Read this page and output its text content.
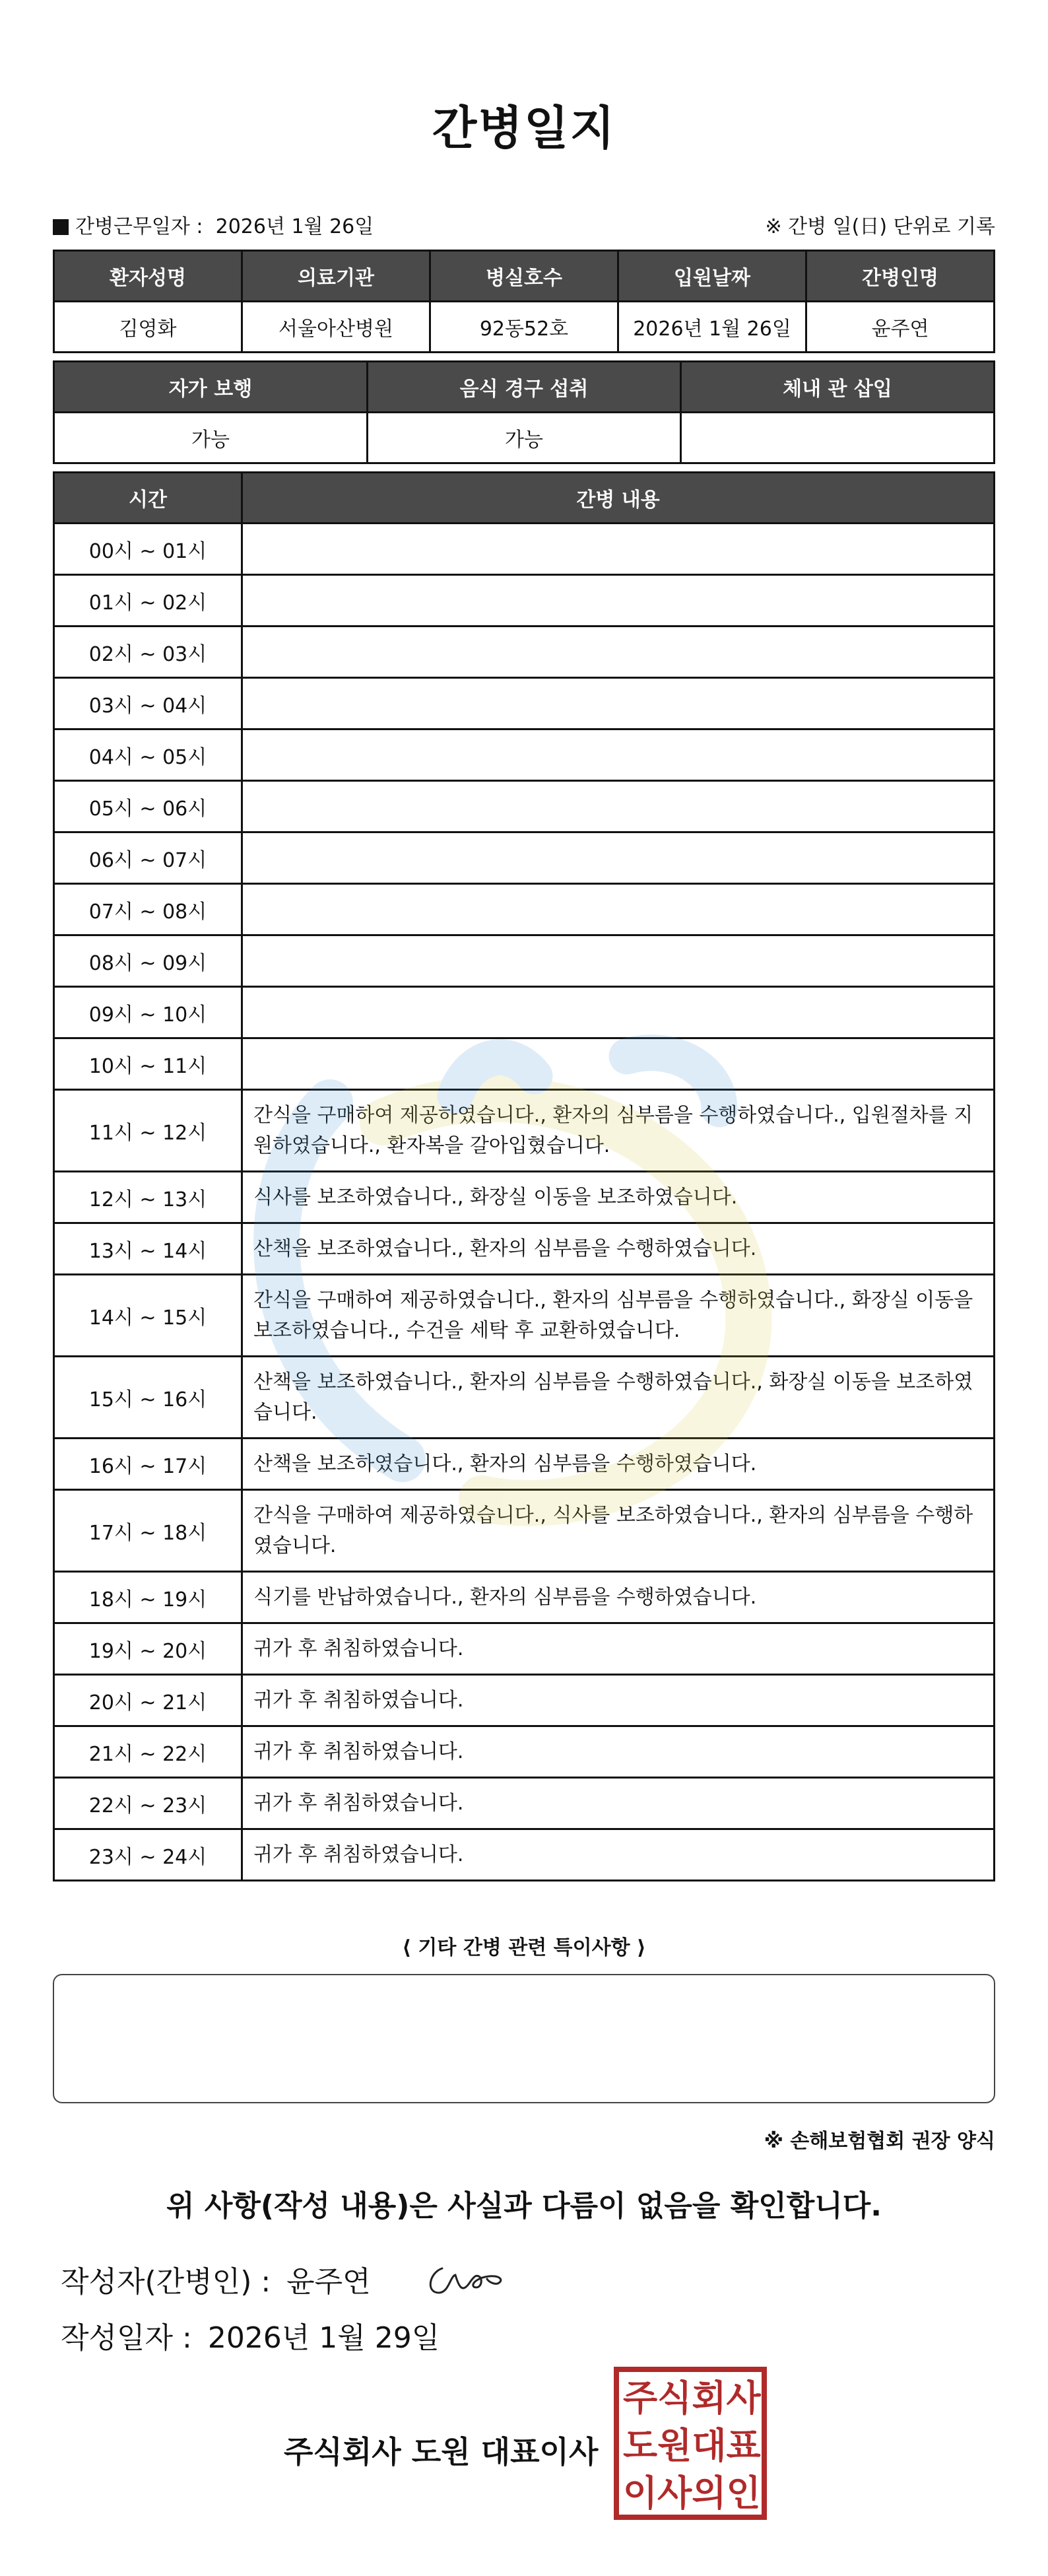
간병일지
간병근무일자 : 2026년 1월 26일	※ 간병 일(日) 단위로 기록
환자성명	의료기관	병실호수	입원날짜	간병인명
김영화	서울아산병원	92동52호	2026년 1월 26일	윤주연
자가 보행	음식 경구 섭취	체내 관 삽입
가능	가능	
시간	간병 내용
00시 ~ 01시	
01시 ~ 02시	
02시 ~ 03시	
03시 ~ 04시	
04시 ~ 05시	
05시 ~ 06시	
06시 ~ 07시	
07시 ~ 08시	
08시 ~ 09시	
09시 ~ 10시	
10시 ~ 11시	
11시 ~ 12시	간식을 구매하여 제공하였습니다., 환자의 심부름을 수행하였습니다., 입원절차를 지원하였습니다., 환자복을 갈아입혔습니다.
12시 ~ 13시	식사를 보조하였습니다., 화장실 이동을 보조하였습니다.
13시 ~ 14시	산책을 보조하였습니다., 환자의 심부름을 수행하였습니다.
14시 ~ 15시	간식을 구매하여 제공하였습니다., 환자의 심부름을 수행하였습니다., 화장실 이동을 보조하였습니다., 수건을 세탁 후 교환하였습니다.
15시 ~ 16시	산책을 보조하였습니다., 환자의 심부름을 수행하였습니다., 화장실 이동을 보조하였습니다.
16시 ~ 17시	산책을 보조하였습니다., 환자의 심부름을 수행하였습니다.
17시 ~ 18시	간식을 구매하여 제공하였습니다., 식사를 보조하였습니다., 환자의 심부름을 수행하였습니다.
18시 ~ 19시	식기를 반납하였습니다., 환자의 심부름을 수행하였습니다.
19시 ~ 20시	귀가 후 취침하였습니다.
20시 ~ 21시	귀가 후 취침하였습니다.
21시 ~ 22시	귀가 후 취침하였습니다.
22시 ~ 23시	귀가 후 취침하였습니다.
23시 ~ 24시	귀가 후 취침하였습니다.
⟨ 기타 간병 관련 특이사항 ⟩
※ 손해보험협회 권장 양식
위 사항(작성 내용)은 사실과 다름이 없음을 확인합니다.
작성자(간병인) : 윤주연
작성일자 : 2026년 1월 29일
주식회사 도원 대표이사
주 식 회 사
도 원 대 표
이 사 의 인
